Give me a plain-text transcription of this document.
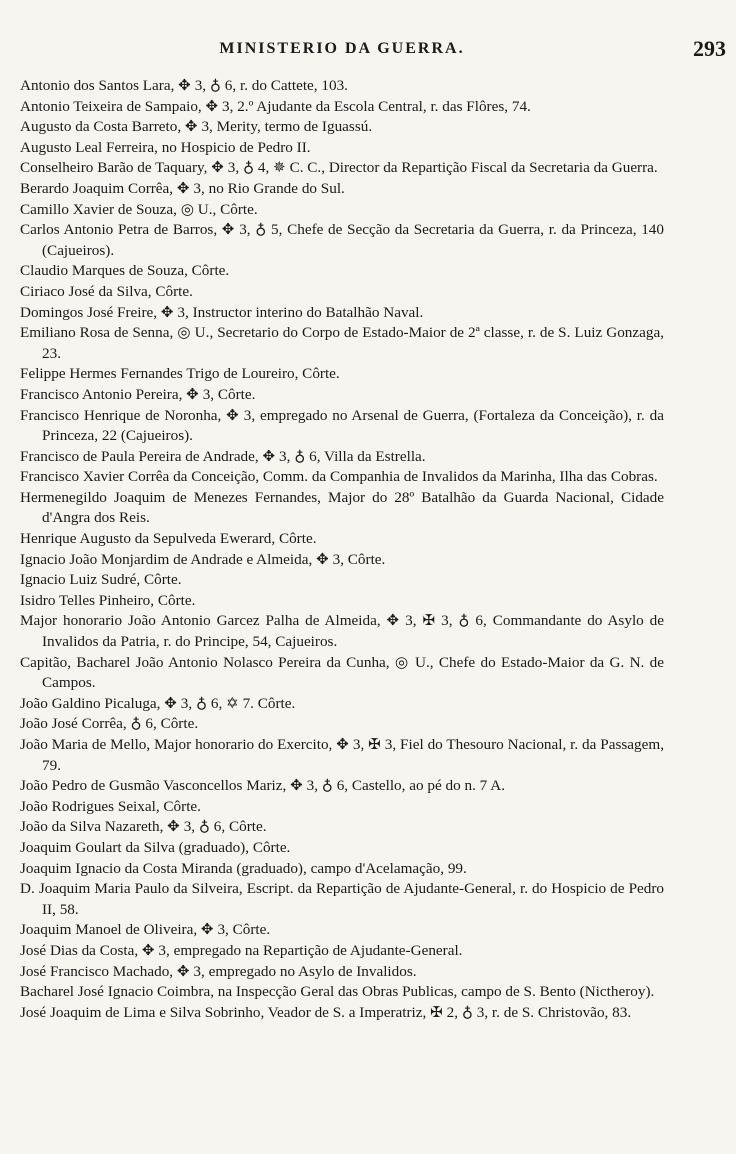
MINISTERIO DA GUERRA.	293

Antonio dos Santos Lara, ✥ 3, ♁ 6, r. do Cattete, 103.

Antonio Teixeira de Sampaio, ✥ 3, 2.º Ajudante da Escola Central, r. das Flôres, 74.

Augusto da Costa Barreto, ✥ 3, Merity, termo de Iguassú.

Augusto Leal Ferreira, no Hospicio de Pedro II.

Conselheiro Barão de Taquary, ✥ 3, ♁ 4, ✵ C. C., Director da Repartição Fiscal da Secretaria da Guerra.

Berardo Joaquim Corrêa, ✥ 3, no Rio Grande do Sul.

Camillo Xavier de Souza, ◎ U., Côrte.

Carlos Antonio Petra de Barros, ✥ 3, ♁ 5, Chefe de Secção da Secretaria da Guerra, r. da Princeza, 140 (Cajueiros).

Claudio Marques de Souza, Côrte.

Ciriaco José da Silva, Côrte.

Domingos José Freire, ✥ 3, Instructor interino do Batalhão Naval.

Emiliano Rosa de Senna, ◎ U., Secretario do Corpo de Estado-Maior de 2ª classe, r. de S. Luiz Gonzaga, 23.

Felippe Hermes Fernandes Trigo de Loureiro, Côrte.

Francisco Antonio Pereira, ✥ 3, Côrte.

Francisco Henrique de Noronha, ✥ 3, empregado no Arsenal de Guerra, (Fortaleza da Conceição), r. da Princeza, 22 (Cajueiros).

Francisco de Paula Pereira de Andrade, ✥ 3, ♁ 6, Villa da Estrella.

Francisco Xavier Corrêa da Conceição, Comm. da Companhia de Invalidos da Marinha, Ilha das Cobras.

Hermenegildo Joaquim de Menezes Fernandes, Major do 28º Batalhão da Guarda Nacional, Cidade d'Angra dos Reis.

Henrique Augusto da Sepulveda Ewerard, Côrte.

Ignacio João Monjardim de Andrade e Almeida, ✥ 3, Côrte.

Ignacio Luiz Sudré, Côrte.

Isidro Telles Pinheiro, Côrte.

Major honorario João Antonio Garcez Palha de Almeida, ✥ 3, ✠ 3, ♁ 6, Commandante do Asylo de Invalidos da Patria, r. do Principe, 54, Cajueiros.

Capitão, Bacharel João Antonio Nolasco Pereira da Cunha, ◎ U., Chefe do Estado-Maior da G. N. de Campos.

João Galdino Picaluga, ✥ 3, ♁ 6, ✡ 7. Côrte.

João José Corrêa, ♁ 6, Côrte.

João Maria de Mello, Major honorario do Exercito, ✥ 3, ✠ 3, Fiel do Thesouro Nacional, r. da Passagem, 79.

João Pedro de Gusmão Vasconcellos Mariz, ✥ 3, ♁ 6, Castello, ao pé do n. 7 A.

João Rodrigues Seixal, Côrte.

João da Silva Nazareth, ✥ 3, ♁ 6, Côrte.

Joaquim Goulart da Silva (graduado), Côrte.

Joaquim Ignacio da Costa Miranda (graduado), campo d'Acelamação, 99.

D. Joaquim Maria Paulo da Silveira, Escript. da Repartição de Ajudante-General, r. do Hospicio de Pedro II, 58.

Joaquim Manoel de Oliveira, ✥ 3, Côrte.

José Dias da Costa, ✥ 3, empregado na Repartição de Ajudante-General.

José Francisco Machado, ✥ 3, empregado no Asylo de Invalidos.

Bacharel José Ignacio Coimbra, na Inspecção Geral das Obras Publicas, campo de S. Bento (Nictheroy).

José Joaquim de Lima e Silva Sobrinho, Veador de S. a Imperatriz, ✠ 2, ♁ 3, r. de S. Christovão, 83.
